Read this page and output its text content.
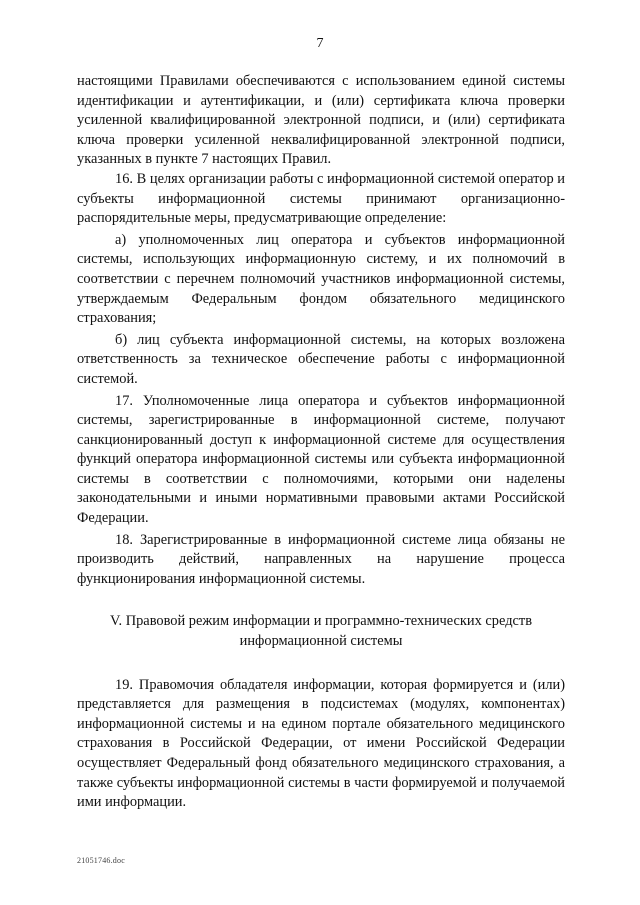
7

настоящими Правилами обеспечиваются с использованием единой системы идентификации и аутентификации, и (или) сертификата ключа проверки усиленной квалифицированной электронной подписи, и (или) сертификата ключа проверки усиленной неквалифицированной электронной подписи, указанных в пункте 7 настоящих Правил.

16. В целях организации работы с информационной системой оператор и субъекты информационной системы принимают организационно-распорядительные меры, предусматривающие определение:

а) уполномоченных лиц оператора и субъектов информационной системы, использующих информационную систему, и их полномочий в соответствии с перечнем полномочий участников информационной системы, утверждаемым Федеральным фондом обязательного медицинского страхования;

б) лиц субъекта информационной системы, на которых возложена ответственность за техническое обеспечение работы с информационной системой.

17. Уполномоченные лица оператора и субъектов информационной системы, зарегистрированные в информационной системе, получают санкционированный доступ к информационной системе для осуществления функций оператора информационной системы или субъекта информационной системы в соответствии с полномочиями, которыми они наделены законодательными и иными нормативными правовыми актами Российской Федерации.

18. Зарегистрированные в информационной системе лица обязаны не производить действий, направленных на нарушение процесса функционирования информационной системы.

V. Правовой режим информации и программно-технических средств
информационной системы

19. Правомочия обладателя информации, которая формируется и (или) представляется для размещения в подсистемах (модулях, компонентах) информационной системы и на едином портале обязательного медицинского страхования в Российской Федерации, от имени Российской Федерации осуществляет Федеральный фонд обязательного медицинского страхования, а также субъекты информационной системы в части формируемой и получаемой ими информации.

21051746.doc
